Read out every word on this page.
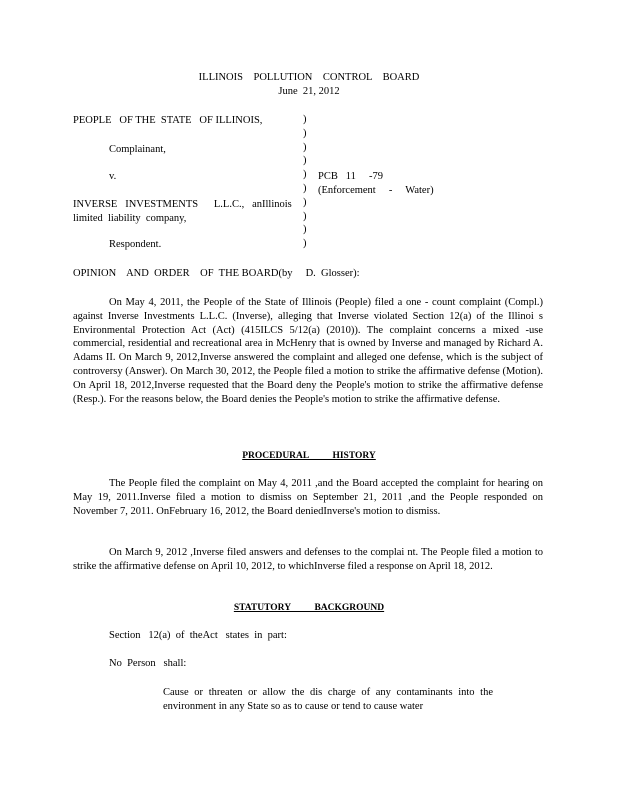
ILLINOIS    POLLUTION    CONTROL    BOARD
June  21, 2012
PEOPLE   OF THE  STATE   OF ILLINOIS,
Complainant,
v.
INVERSE   INVESTMENTS      L.L.C.,   anIllinois
limited  liability  company,
Respondent.
)
)
)
)
)
)
)
)
)
)
PCB   11     -79
(Enforcement     -     Water)
OPINION    AND  ORDER    OF  THE BOARD(by     D.  Glosser):
On May 4, 2011, the People of the State of Illinois (People) filed a one - count complaint (Compl.) against Inverse Investments L.L.C. (Inverse), alleging that Inverse violated Section 12(a) of the Illinoi s Environmental Protection Act (Act) (415ILCS 5/12(a) (2010)). The complaint concerns a mixed -use commercial, residential and recreational area in McHenry that is owned by Inverse and managed by Richard A. Adams II. On March 9, 2012,Inverse answered the complaint and alleged one defense, which is the subject of controversy (Answer). On March 30, 2012, the People filed a motion to strike the affirmative defense (Motion). On April 18, 2012,Inverse requested that the Board deny the People's motion to strike the affirmative defense (Resp.). For the reasons below, the Board denies the People's motion to strike the affirmative defense.
PROCEDURAL          HISTORY
The People filed the complaint on May 4, 2011 ,and the Board accepted the complaint for hearing on May 19, 2011.Inverse filed a motion to dismiss on September 21, 2011 ,and the People responded on November 7, 2011. OnFebruary 16, 2012, the Board deniedInverse's motion to dismiss.
On March 9, 2012 ,Inverse filed answers and defenses to the complai nt. The People filed a motion to strike the affirmative defense on April 10, 2012, to whichInverse filed a response on April 18, 2012.
STATUTORY          BACKGROUND
Section   12(a)  of  theAct   states  in  part:
No  Person   shall:
Cause or threaten or allow the dis charge of any contaminants into the environment in any State so as to cause or tend to cause water
